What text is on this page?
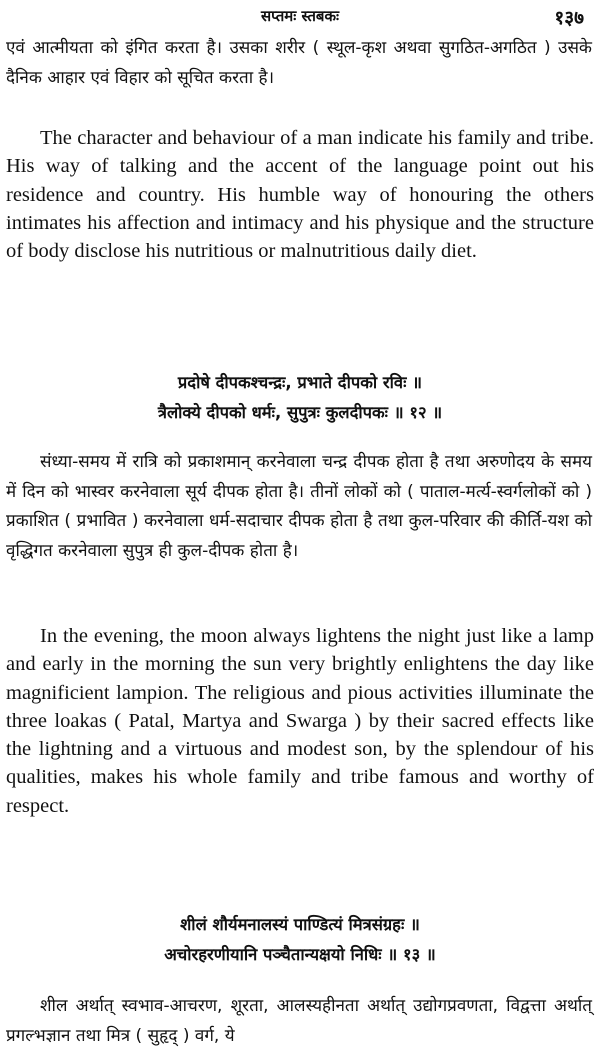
सप्तमः स्तबकः	१३७

एवं आत्मीयता को इंगित करता है। उसका शरीर ( स्थूल-कृश अथवा सुगठित-अगठित ) उसके दैनिक आहार एवं विहार को सूचित करता है।

The character and behaviour of a man indicate his family and tribe. His way of talking and the accent of the language point out his residence and country. His humble way of honouring the others intimates his affection and intimacy and his physique and the structure of body disclose his nutritious or malnutritious daily diet.

प्रदोषे दीपकश्चन्द्रः, प्रभाते दीपको रविः ॥
त्रैलोक्ये दीपको धर्मः, सुपुत्रः कुलदीपकः ॥ १२ ॥

संध्या-समय में रात्रि को प्रकाशमान् करनेवाला चन्द्र दीपक होता है तथा अरुणोदय के समय में दिन को भास्वर करनेवाला सूर्य दीपक होता है। तीनों लोकों को ( पाताल-मर्त्य-स्वर्गलोकों को ) प्रकाशित ( प्रभावित ) करनेवाला धर्म-सदाचार दीपक होता है तथा कुल-परिवार की कीर्ति-यश को वृद्धिगत करनेवाला सुपुत्र ही कुल-दीपक होता है।

In the evening, the moon always lightens the night just like a lamp and early in the morning the sun very brightly enlightens the day like magnificient lampion. The religious and pious activities illuminate the three loakas ( Patal, Martya and Swarga ) by their sacred effects like the lightning and a virtuous and modest son, by the splendour of his qualities, makes his whole family and tribe famous and worthy of respect.

शीलं शौर्यमनालस्यं पाण्डित्यं मित्रसंग्रहः ॥
अचोरहरणीयानि पञ्चैतान्यक्षयो निधिः ॥ १३ ॥

शील अर्थात् स्वभाव-आचरण, शूरता, आलस्यहीनता अर्थात् उद्योगप्रवणता, विद्वत्ता अर्थात् प्रगल्भज्ञान तथा मित्र ( सुहृद् ) वर्ग, ये
